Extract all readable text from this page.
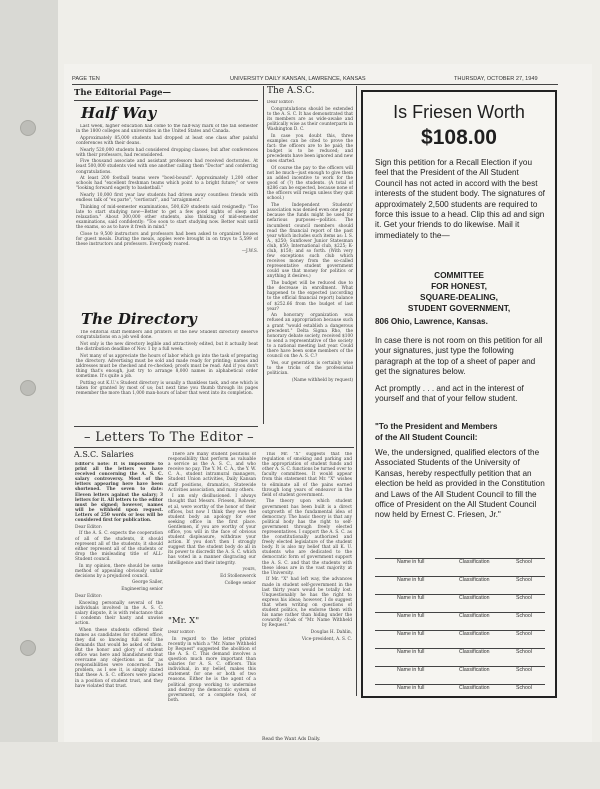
PAGE TEN	UNIVERSITY DAILY KANSAN, LAWRENCE, KANSAS	THURSDAY, OCTOBER 27, 1949
The Editorial Page—
Half Way

Last week, higher education had come to the half-way mark of the fall semester in the 1800 colleges and universities in the United States and Canada.

Approximately 85,000 students had dropped at least one class after painful conferences with their deans.

Nearly 520,000 students had considered dropping classes; but after conferences with their professors, had reconsidered.

Five thousand associate and assistant professors had received doctorates. At least 500,000 students vied with one another calling them "Doctor" and conferring congratulations.

At least 200 football teams were "bowl-bound". Approximately 1,200 other schools had "excellent freshman teams which point to a bright future;" or were "looking forward eagerly to basketball."

Nearly 10,000 first year law students had driven away countless friends with endless talk of "ex parte", "certiorari", and "arraignment."

Thinking of mid-semester examinations, 500,629 students said resignedly: "Too late to start studying now—Better to get a few good nights of sleep and relaxation." About 300,000 other students, also thinking of mid-semester examinations, said confidently: "Too soon to start studying now. Better wait until the exams, so as to have it fresh in mind."

Close to 9,500 instructors and professors had been asked to organized houses for guest meals. During the meals, apples were brought in on trays to 5,599 of these instructors and professors. Everybody roared.

—J.W.S.

The Directory

The editorial staff members and printers of the new Student directory deserve congratulations on a job well done.

Not only is the new directory legible and attractively edited, but it actually beat the distribution deadline of Nov. 1 by a full week.

Not many of us appreciate the hours of labor which go into the task of preparing the directory. Advertising must be sold and made ready for printing; names and addresses must be checked and re-checked; proofs must be read. And if you don't thing that's enough, just try to arrange 8,000 names in alphabetical order sometime. It's quite a job.

Putting out K.U.'s Student directory is usually a thankless task, and one which is taken for granted by most of us; but next time you thumb through its pages remember the more than 1,000 man-hours of labor that went into its completion.

The A.S.C.

Dear Editor:

Congratulations should be extended to the A. S. C. It has demonstrated that its members are as wide-awake and politically wise as their counterparts in Washington D. C.

In case you doubt this, three examples can be cited to prove the fact: the officers are to be paid; the budget is to be reduced; and precedents have been ignored and new ones started.

Of course the pay to the officers will not be much—just enough to give them an added incentive to work for the good of (?) the students. (A total of $286 can be expected, because none of the officers will resign unless they quit school.)

The Independent Students' association was denied even one penny because the funds might be used for nefarious purposes—politics. The incumbent council members should read the financial report of the past year which includes such items as: I. S. A., $250; Sunflower Junior Statesman club, $50; International club, $225; K-club, $150; and so forth. (With very few exceptions such club which receives money from the so-called representative student government could use that money for politics or anything it desires.)

The budget will be reduced due to the decrease in enrollment. What happened to the expected (according to the official financial report) balance of $252.66 from the budget of last year?

An honorary organization was refused an appropriation because such a grant "would establish a dangerous precedent." Delta Sigma Rho, the honorary debate society, received $100 to send a representative of the society to a national meeting last year. Could there have been some members of the council on the A. S. C.?

Yes, our generation is certainly wise to the tricks of the professional politician.

(Name withheld by request)

– Letters To The Editor –
A.S.C. Salaries

Editor's note: It is impossible to print all the letters we have received concerning the A. S. C. salary controversy. Most of the letters appearing here have been shortened. The seven to date: Eleven letters against the salary; 3 letters for it. All letters to the editor must be signed; however, names will be withheld upon request. Letters of 250 words or less will be considered first for publication.

Dear Editor:

If the A. S. C. expects the cooperation of all of the students, it should represent all of the students; it should either represent all of the students or drop the misleading title of ALL-Student council.

In my opinion, there should be some method of appealing obviously unfair decisions by a prejudiced council.

George Sailer,

Engineering senior

Dear Editor:

Knowing personally several of the individuals involved in the A. S. C. salary dispute, it is with reluctance that I condemn their hasty and unwise action.

When these students offered their names as candidates for student office, they did so knowing full well the demands that would be asked of them. But the honor and glory of student office was here and blandishment that overcame any objections as far as responsibilities were concerned. The problem, as I see it, is simply stated that these A. S. C. officers were placed in a position of student trust, and they have violated that trust.

There are many student positions of responsibility that perform as valuable a service as the A. S. C., and who receive no pay. The Y. M. C. A., the Y. W. C. A., student intramural managers, Student Union activities, Daily Kansan staff positions, dramatics, Statewide Activities association, and many others.

I am only disillusioned. I always thought that Messrs. Friesen, Rohwer, et al, were worthy of the honor of their offices, but now I think they owe the student body an apology for ever seeking office in the first place. Gentlemen, if you are worthy of your office, you will in the face of obvious student displeasure, withdraw your action. If you don't then I strongly suggest that the student body do all in its power to discredit the A. S. C. which has voted in a manner disgracing our intelligence and their integrity.

yours,

Ed Stollenwerck

College senior

"Mr. X"

Dear Editor:

In regard to the letter printed recently in which a "Mr. Name Withheld by Request" suggested the abolition of the A. S. C. This demand involves a question much more important than salaries for A. S. C. officers. This individual, in my belief, makes this statement for one or both of two reasons. Either he is the agent of a political group working to undermine and destroy the democratic system of government, or a complete fool, or both.

This Mr. "X" suggests that the regulation of smoking and parking and the appropriation of student funds and other A. S. C. functions be turned over to faculty committees. It would appear from this statement that Mr. "X" wishes to eliminate all of the pains earned through long years of endeavor in the field of student government.

The theory upon which student government has been built is a direct outgrowth of the fundamental idea of democracy. The basic theory is that any political body has the right to self-government through freely elected representatives. I support the A. S. C. as the constitutionally authorized and freely elected legislature of the student body. It is also my belief that all K. U. students who are dedicated to the democratic form of government support the A. S. C. and that the students with these ideas are in the vast majority at the University.

If Mr. "X" had left way, the advances made in student self-government in the last thirty years would be totally lost. Unquestionably he has the right to express his ideas; however, I do suggest that when writing on questions of student politics, he endorse them with his name rather than hiding under the cowardly cloak of "Mr. Name Withheld by Request."

Douglas H. Dahlin,

Vice-president, A. S. C.

Is Friesen Worth
$108.00
Sign this petition for a Recall Election if you feel that the President of the All Student Council has not acted in accord with the best interests of the student body. The signatures of approximately 2,500 students are required to force this issue to a head. Clip this ad and sign it. Get your friends to do likewise. Mail it immediately to the—
COMMITTEE
FOR HONEST,
SQUARE-DEALING,
STUDENT GOVERNMENT,
806 Ohio, Lawrence, Kansas.
In case there is not room on this petition for all your signatures, just type the following paragraph at the top of a sheet of paper and get the signatures below.
Act promptly . . . and act in the interest of yourself and that of your fellow student.
"To the President and Members
of the All Student Council:
We, the undersigned, qualified electors of the Associated Students of the University of Kansas, hereby respectfully petition that an election be held as provided in the Constitution and Laws of the All Student Council to fill the office of President on the All Student Council now held by Ernest C. Friesen, Jr."
Name in full	Classification	School
Name in full	Classification	School
Name in full	Classification	School
Name in full	Classification	School
Name in full	Classification	School
Name in full	Classification	School
Name in full	Classification	School
Name in full	Classification	School
Read the Want Ads Daily.
